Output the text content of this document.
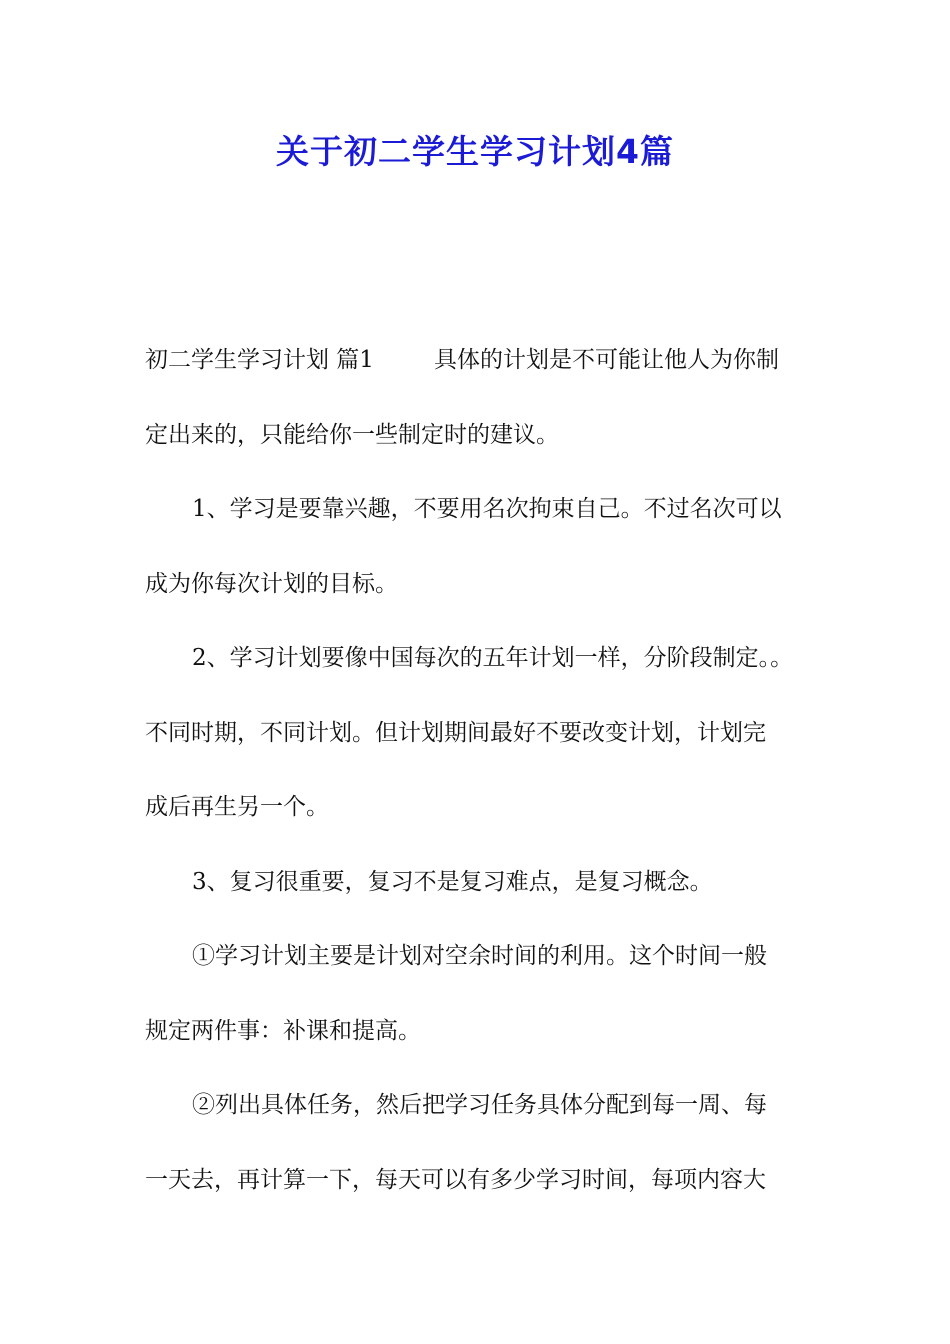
关于初二学生学习计划4篇
初二学生学习计划 篇1	具体的计划是不可能让他人为你制
定出来的，只能给你一些制定时的建议。
1、学习是要靠兴趣，不要用名次拘束自己。不过名次可以
成为你每次计划的目标。
2、学习计划要像中国每次的五年计划一样，分阶段制定。。
不同时期，不同计划。但计划期间最好不要改变计划，计划完
成后再生另一个。
3、复习很重要，复习不是复习难点，是复习概念。
①学习计划主要是计划对空余时间的利用。这个时间一般
规定两件事：补课和提高。
②列出具体任务，然后把学习任务具体分配到每一周、每
一天去，再计算一下，每天可以有多少学习时间，每项内容大
